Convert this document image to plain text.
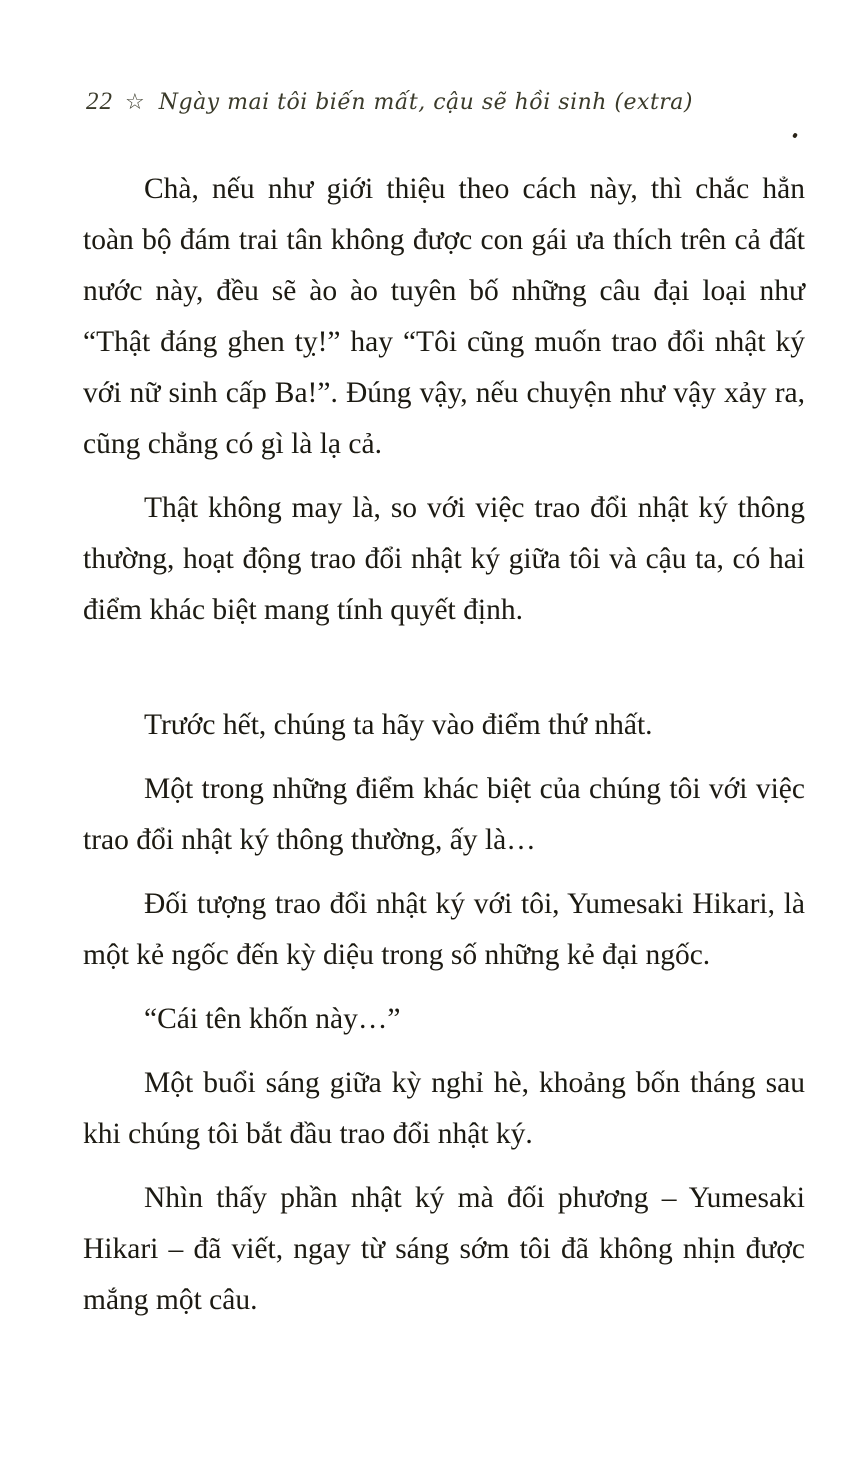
22 ☆ Ngày mai tôi biến mất, cậu sẽ hồi sinh (extra)

Chà, nếu như giới thiệu theo cách này, thì chắc hẳn toàn bộ đám trai tân không được con gái ưa thích trên cả đất nước này, đều sẽ ào ào tuyên bố những câu đại loại như “Thật đáng ghen tỵ!” hay “Tôi cũng muốn trao đổi nhật ký với nữ sinh cấp Ba!”. Đúng vậy, nếu chuyện như vậy xảy ra, cũng chẳng có gì là lạ cả.

Thật không may là, so với việc trao đổi nhật ký thông thường, hoạt động trao đổi nhật ký giữa tôi và cậu ta, có hai điểm khác biệt mang tính quyết định.

Trước hết, chúng ta hãy vào điểm thứ nhất.

Một trong những điểm khác biệt của chúng tôi với việc trao đổi nhật ký thông thường, ấy là…

Đối tượng trao đổi nhật ký với tôi, Yumesaki Hikari, là một kẻ ngốc đến kỳ diệu trong số những kẻ đại ngốc.

“Cái tên khốn này…”

Một buổi sáng giữa kỳ nghỉ hè, khoảng bốn tháng sau khi chúng tôi bắt đầu trao đổi nhật ký.

Nhìn thấy phần nhật ký mà đối phương – Yumesaki Hikari – đã viết, ngay từ sáng sớm tôi đã không nhịn được mắng một câu.
